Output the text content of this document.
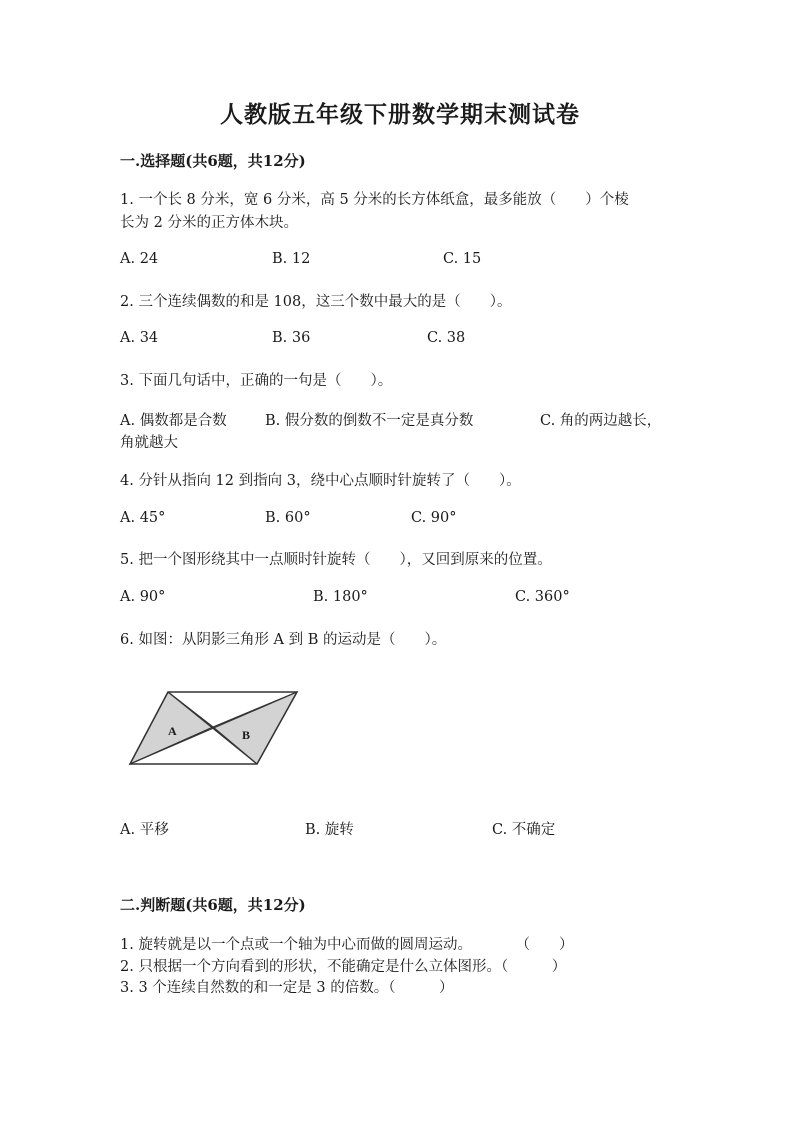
人教版五年级下册数学期末测试卷
一.选择题(共6题，共12分)
1. 一个长 8 分米，宽 6 分米，高 5 分米的长方体纸盒，最多能放（　　）个棱
长为 2 分米的正方体木块。
A. 24	B. 12	C. 15
2. 三个连续偶数的和是 108，这三个数中最大的是（　　）。
A. 34	B. 36	C. 38
3. 下面几句话中，正确的一句是（　　）。
A. 偶数都是合数	B. 假分数的倒数不一定是真分数	C. 角的两边越长，
角就越大
4. 分针从指向 12 到指向 3，绕中心点顺时针旋转了（　　）。
A. 45°	B. 60°	C. 90°
5. 把一个图形绕其中一点顺时针旋转（　　），又回到原来的位置。
A. 90°	B. 180°	C. 360°
6. 如图：从阴影三角形 A 到 B 的运动是（　　）。
A	B
A. 平移	B. 旋转	C. 不确定
二.判断题(共6题，共12分)
1. 旋转就是以一个点或一个轴为中心而做的圆周运动。　　　　（　　）
2. 只根据一个方向看到的形状，不能确定是什么立体图形。（　　　）
3. 3 个连续自然数的和一定是 3 的倍数。（　　　）
